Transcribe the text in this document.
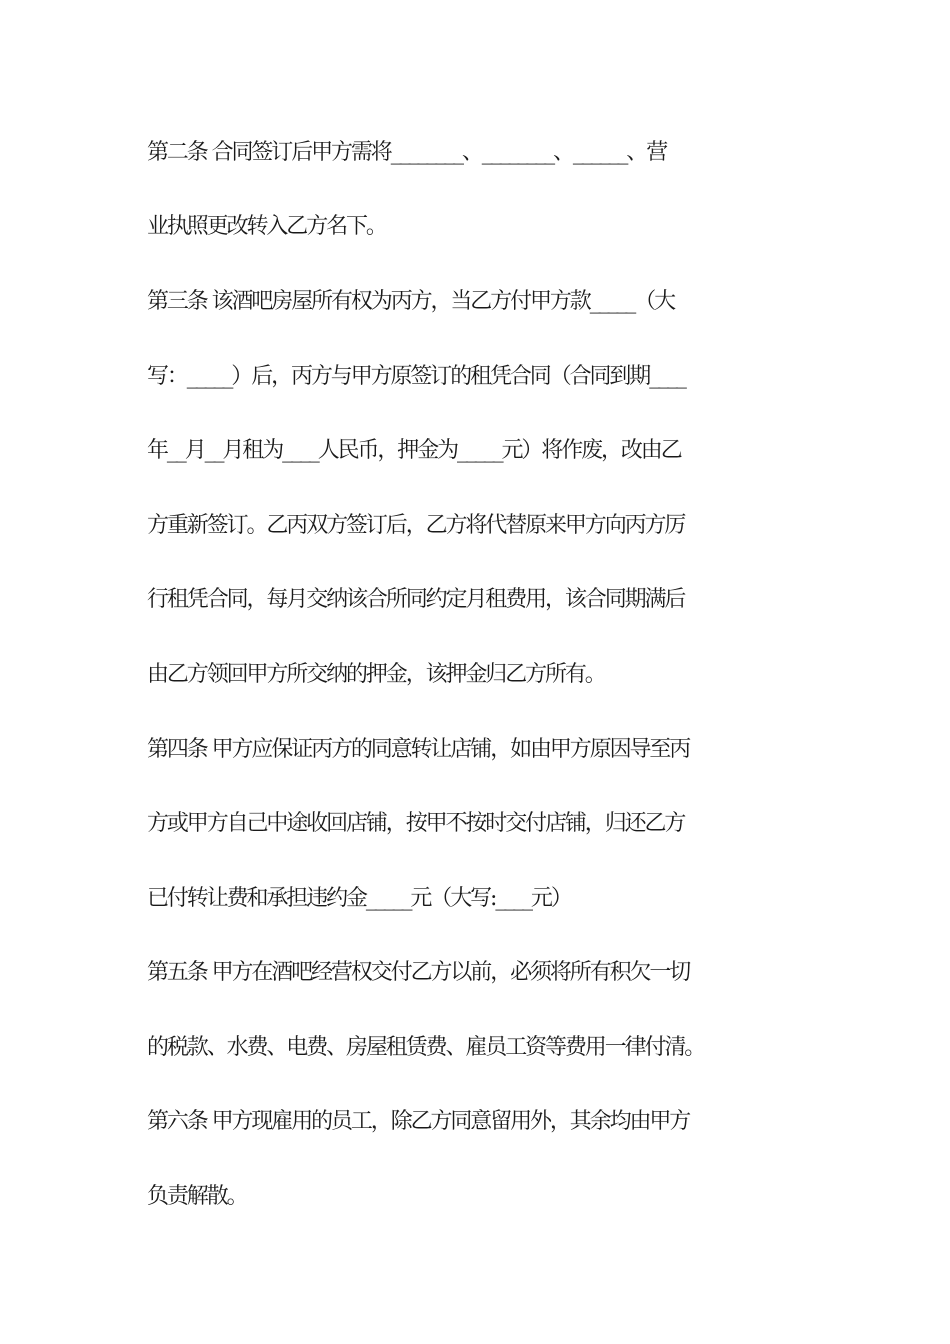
第二条 合同签订后甲方需将________、________、______、营
业执照更改转入乙方名下。
第三条 该酒吧房屋所有权为丙方，当乙方付甲方款_____（大
写：_____）后，丙方与甲方原签订的租凭合同（合同到期____
年__月__月租为____人民币，押金为_____元）将作废，改由乙
方重新签订。乙丙双方签订后，乙方将代替原来甲方向丙方厉
行租凭合同，每月交纳该合所同约定月租费用，该合同期满后
由乙方领回甲方所交纳的押金，该押金归乙方所有。
第四条 甲方应保证丙方的同意转让店铺，如由甲方原因导至丙
方或甲方自己中途收回店铺，按甲不按时交付店铺，归还乙方
已付转让费和承担违约金_____元（大写:____元）
第五条 甲方在酒吧经营权交付乙方以前，必须将所有积欠一切
的税款、水费、电费、房屋租赁费、雇员工资等费用一律付清。
第六条 甲方现雇用的员工，除乙方同意留用外，其余均由甲方
负责解散。
